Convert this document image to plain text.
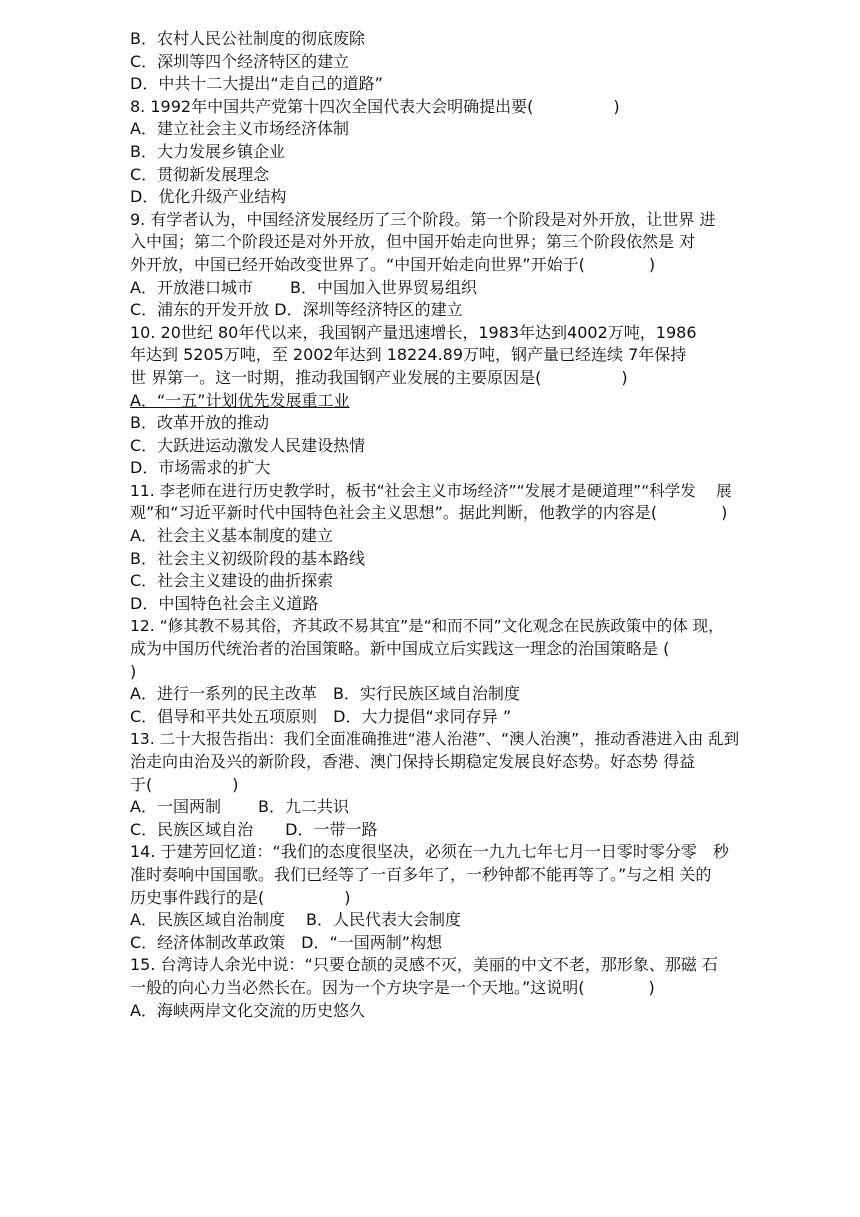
B．农村人民公社制度的彻底废除
C．深圳等四个经济特区的建立
D．中共十二大提出“走自己的道路”
8. 1992年中国共产党第十四次全国代表大会明确提出要(　　　　　)
A．建立社会主义市场经济体制
B．大力发展乡镇企业
C．贯彻新发展理念
D．优化升级产业结构
9. 有学者认为，中国经济发展经历了三个阶段。第一个阶段是对外开放，让世界 进
入中国；第二个阶段还是对外开放，但中国开始走向世界；第三个阶段依然是 对
外开放，中国已经开始改变世界了。“中国开始走向世界”开始于(　　　　)
A．开放港口城市　　 B．中国加入世界贸易组织
C．浦东的开发开放 D．深圳等经济特区的建立
10. 20世纪 80年代以来，我国钢产量迅速增长，1983年达到4002万吨，1986
年达到 5205万吨，至 2002年达到 18224.89万吨，钢产量已经连续 7年保持
世 界第一。这一时期，推动我国钢产业发展的主要原因是(　　　　　)
A．“一五”计划优先发展重工业
B．改革开放的推动
C．大跃进运动激发人民建设热情
D．市场需求的扩大
11. 李老师在进行历史教学时，板书“社会主义市场经济”“发展才是硬道理”“科学发　 展
观”和“习近平新时代中国特色社会主义思想”。据此判断，他教学的内容是(　　　　)
A．社会主义基本制度的建立
B．社会主义初级阶段的基本路线
C．社会主义建设的曲折探索
D．中国特色社会主义道路
12. “修其教不易其俗，齐其政不易其宜”是“和而不同”文化观念在民族政策中的体 现，
成为中国历代统治者的治国策略。新中国成立后实践这一理念的治国策略是 (
)
A．进行一系列的民主改革　B．实行民族区域自治制度
C．倡导和平共处五项原则　D．大力提倡“求同存异 ”
13. 二十大报告指出：我们全面准确推进“港人治港”、“澳人治澳”，推动香港进入由 乱到
治走向由治及兴的新阶段，香港、澳门保持长期稳定发展良好态势。好态势 得益
于(　　　　　)
A．一国两制　　 B．九二共识
C．民族区域自治　　D．一带一路
14. 于建芳回忆道：“我们的态度很坚决，必须在一九九七年七月一日零时零分零　秒
准时奏响中国国歌。我们已经等了一百多年了，一秒钟都不能再等了。”与之相 关的
历史事件践行的是(　　　　　)
A．民族区域自治制度　 B．人民代表大会制度
C．经济体制改革政策　D．“一国两制”构想
15. 台湾诗人余光中说：“只要仓颉的灵感不灭，美丽的中文不老，那形象、那磁 石
一般的向心力当必然长在。因为一个方块字是一个天地。”这说明(　　　　)
A．海峡两岸文化交流的历史悠久
